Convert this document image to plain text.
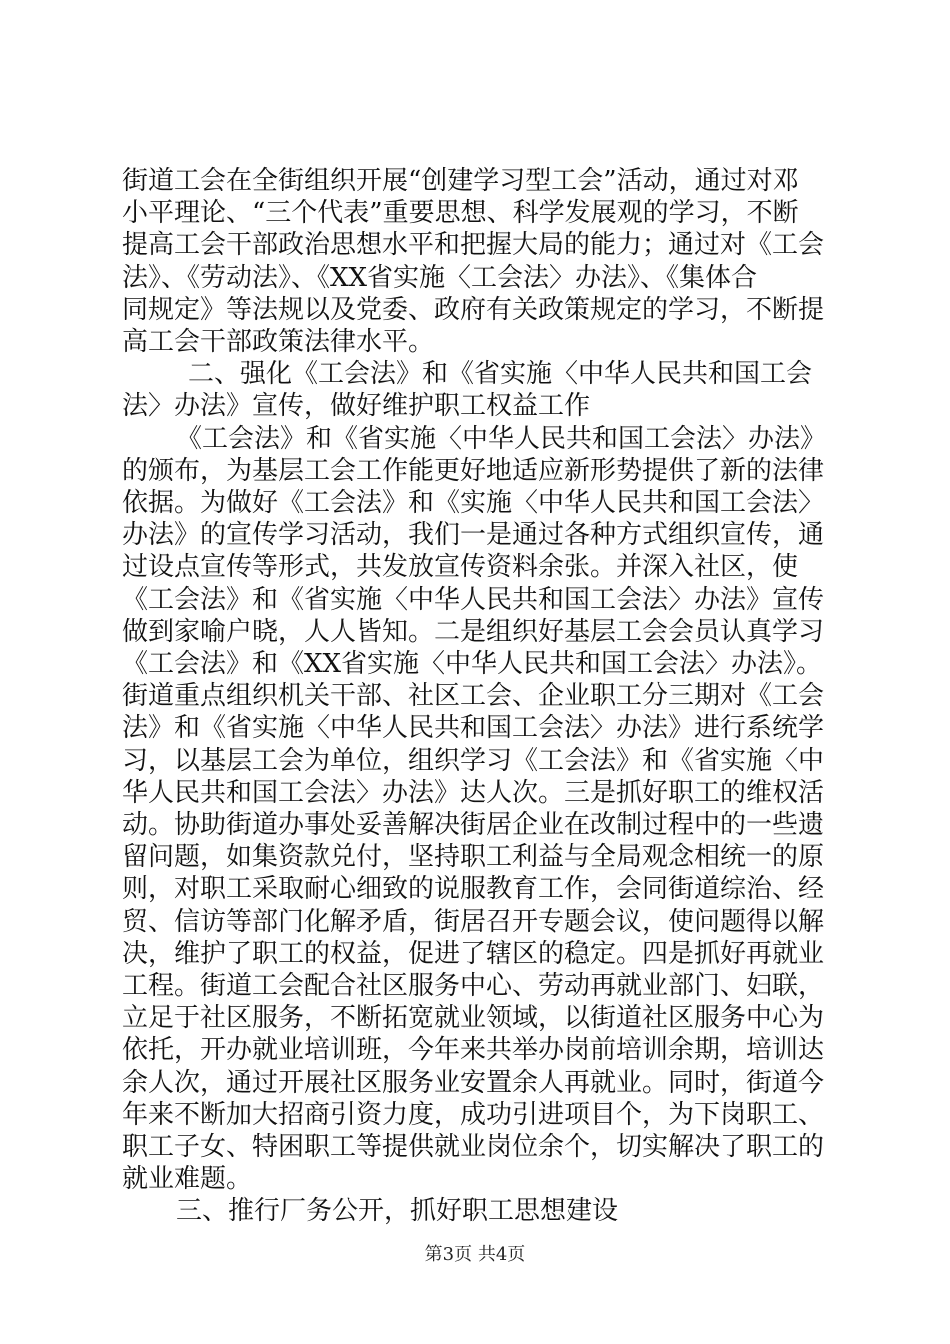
街道工会在全街组织开展“创建学习型工会”活动，通过对邓
小平理论、“三个代表”重要思想、科学发展观的学习，不断
提高工会干部政治思想水平和把握大局的能力；通过对《工会
法》、《劳动法》、《XX省实施〈工会法〉办法》、《集体合
同规定》等法规以及党委、政府有关政策规定的学习，不断提
高工会干部政策法律水平。
二、强化《工会法》和《省实施〈中华人民共和国工会
法〉办法》宣传，做好维护职工权益工作
《工会法》和《省实施〈中华人民共和国工会法〉办法》
的颁布，为基层工会工作能更好地适应新形势提供了新的法律
依据。为做好《工会法》和《实施〈中华人民共和国工会法〉
办法》的宣传学习活动，我们一是通过各种方式组织宣传，通
过设点宣传等形式，共发放宣传资料余张。并深入社区，使
《工会法》和《省实施〈中华人民共和国工会法〉办法》宣传
做到家喻户晓，人人皆知。二是组织好基层工会会员认真学习
《工会法》和《XX省实施〈中华人民共和国工会法〉办法》。
街道重点组织机关干部、社区工会、企业职工分三期对《工会
法》和《省实施〈中华人民共和国工会法〉办法》进行系统学
习，以基层工会为单位，组织学习《工会法》和《省实施〈中
华人民共和国工会法〉办法》达人次。三是抓好职工的维权活
动。协助街道办事处妥善解决街居企业在改制过程中的一些遗
留问题，如集资款兑付，坚持职工利益与全局观念相统一的原
则，对职工采取耐心细致的说服教育工作，会同街道综治、经
贸、信访等部门化解矛盾，街居召开专题会议，使问题得以解
决，维护了职工的权益，促进了辖区的稳定。四是抓好再就业
工程。街道工会配合社区服务中心、劳动再就业部门、妇联，
立足于社区服务，不断拓宽就业领域，以街道社区服务中心为
依托，开办就业培训班，今年来共举办岗前培训余期，培训达
余人次，通过开展社区服务业安置余人再就业。同时，街道今
年来不断加大招商引资力度，成功引进项目个，为下岗职工、
职工子女、特困职工等提供就业岗位余个，切实解决了职工的
就业难题。
三、推行厂务公开，抓好职工思想建设
第3页 共4页
